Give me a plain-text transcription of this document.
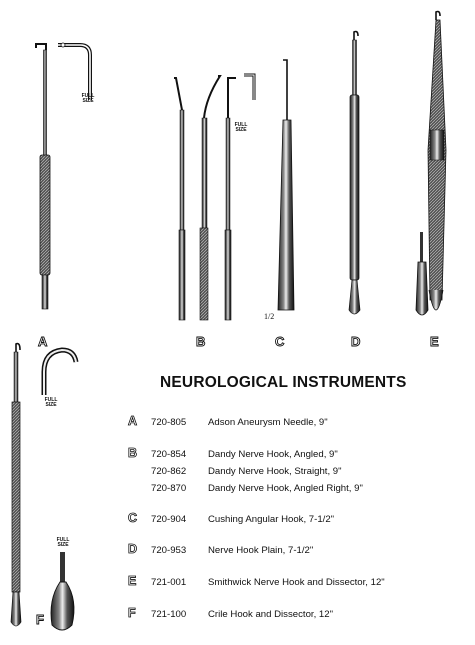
A	B	C	D	E
F
FULL SIZE
FULL SIZE
FULL SIZE
FULL SIZE
1/2
NEUROLOGICAL INSTRUMENTS
A 720-805 Adson Aneurysm Needle, 9"
B 720-854 Dandy Nerve Hook, Angled, 9"
720-862 Dandy Nerve Hook, Straight, 9"
720-870 Dandy Nerve Hook, Angled Right, 9"
C 720-904 Cushing Angular Hook, 7-1/2"
D 720-953 Nerve Hook Plain, 7-1/2"
E 721-001 Smithwick Nerve Hook and Dissector, 12"
F 721-100 Crile Hook and Dissector, 12"
